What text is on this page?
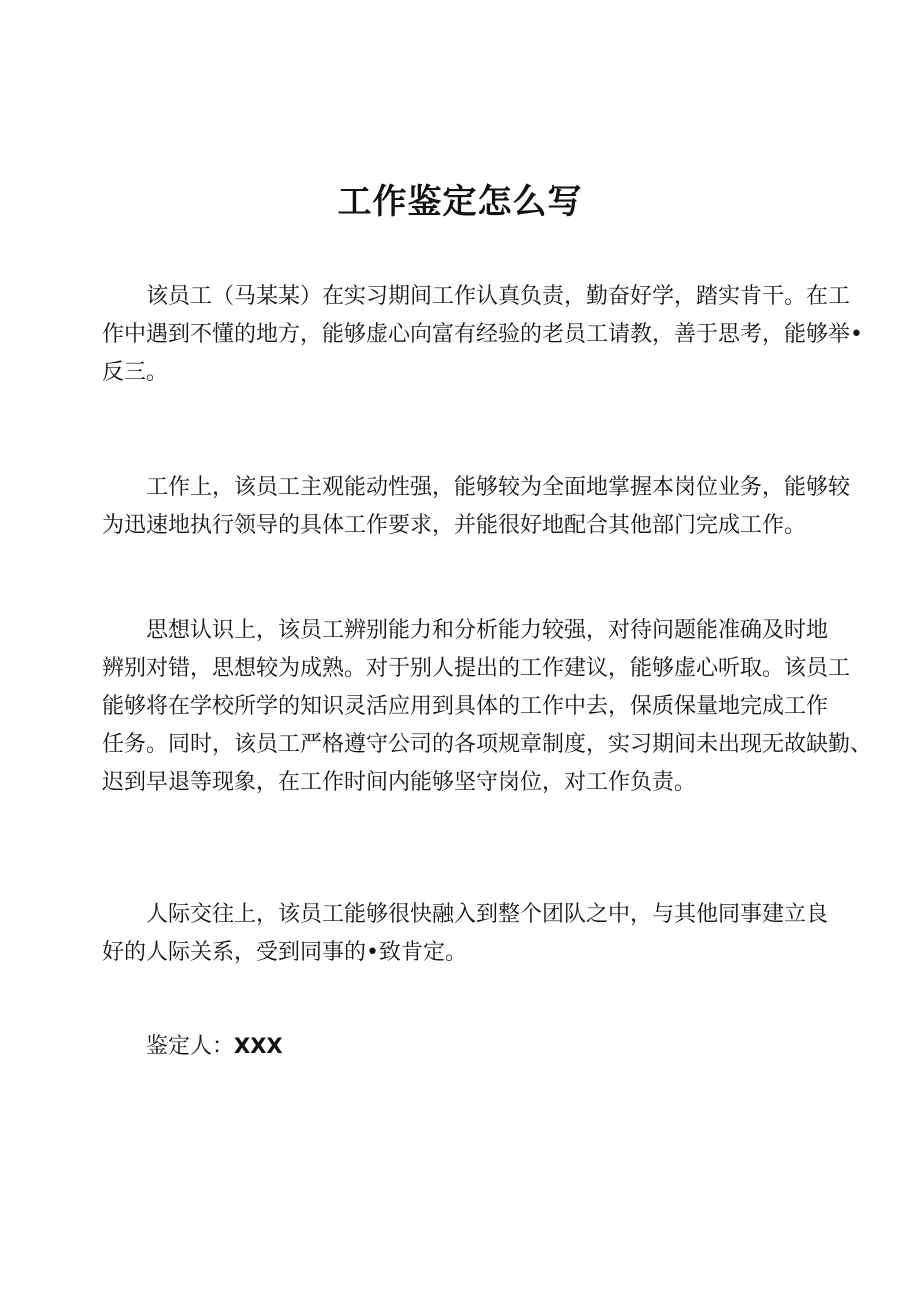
工作鉴定怎么写

该员工（马某某）在实习期间工作认真负责，勤奋好学，踏实肯干。在工
作中遇到不懂的地方，能够虚心向富有经验的老员工请教，善于思考，能够举•
反三。

工作上，该员工主观能动性强，能够较为全面地掌握本岗位业务，能够较
为迅速地执行领导的具体工作要求，并能很好地配合其他部门完成工作。

思想认识上，该员工辨别能力和分析能力较强，对待问题能准确及时地
辨别对错，思想较为成熟。对于别人提出的工作建议，能够虚心听取。该员工
能够将在学校所学的知识灵活应用到具体的工作中去，保质保量地完成工作
任务。同时，该员工严格遵守公司的各项规章制度，实习期间未出现无故缺勤、
迟到早退等现象，在工作时间内能够坚守岗位，对工作负责。

人际交往上，该员工能够很快融入到整个团队之中，与其他同事建立良
好的人际关系，受到同事的•致肯定。

鉴定人：XXX
